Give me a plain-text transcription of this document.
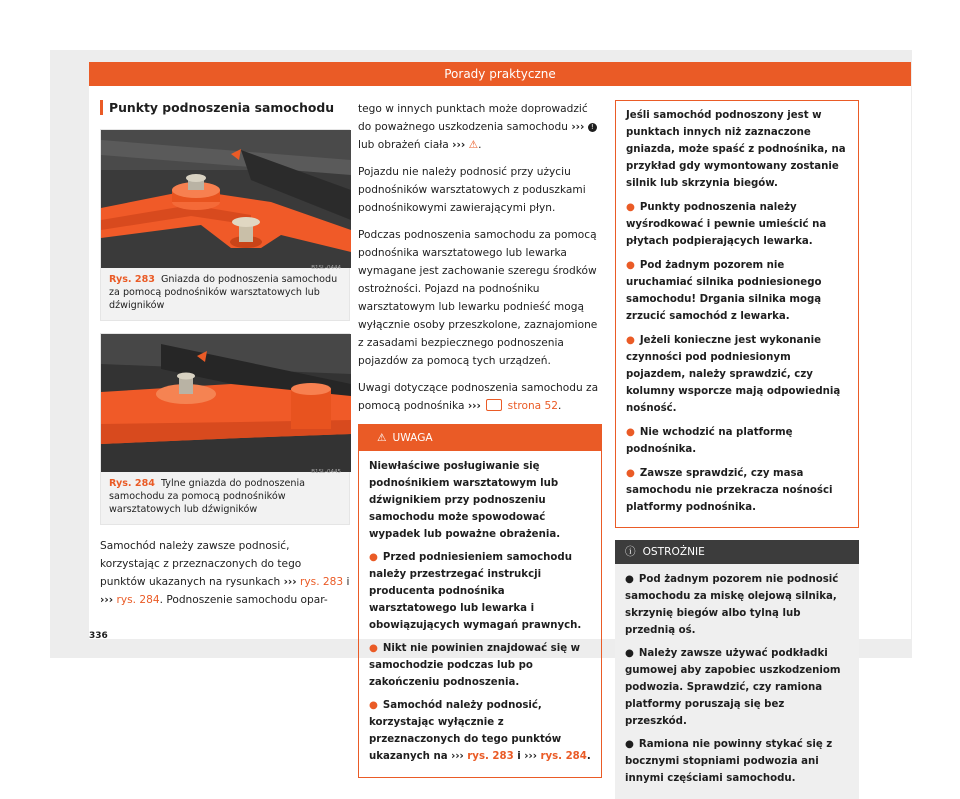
Porady praktyczne
Punkty podnoszenia samochodu
B1SL-0444
Rys. 283 Gniazda do podnoszenia samochodu za pomocą podnośników warsztatowych lub dźwigników
B1SL-0445
Rys. 284 Tylne gniazda do podnoszenia samochodu za pomocą podnośników warsztatowych lub dźwigników

Samochód należy zawsze podnosić, korzystając z przeznaczonych do tego punktów ukazanych na rysunkach ››› rys. 283 i ››› rys. 284. Podnoszenie samochodu opar-

tego w innych punktach może doprowadzić do poważnego uszkodzenia samochodu ››› ! lub obrażeń ciała ››› ⚠.

Pojazdu nie należy podnosić przy użyciu podnośników warsztatowych z poduszkami podnośnikowymi zawierającymi płyn.

Podczas podnoszenia samochodu za pomocą podnośnika warsztatowego lub lewarka wymagane jest zachowanie szeregu środków ostrożności. Pojazd na podnośniku warsztatowym lub lewarku podnieść mogą wyłącznie osoby przeszkolone, zaznajomione z zasadami bezpiecznego podnoszenia pojazdów za pomocą tych urządzeń.

Uwagi dotyczące podnoszenia samochodu za pomocą podnośnika ›››	strona 52.

⚠ UWAGA

Niewłaściwe posługiwanie się podnośnikiem warsztatowym lub dźwignikiem przy podnoszeniu samochodu może spowodować wypadek lub poważne obrażenia.

● Przed podniesieniem samochodu należy przestrzegać instrukcji producenta podnośnika warsztatowego lub lewarka i obowiązujących wymagań prawnych.

● Nikt nie powinien znajdować się w samochodzie podczas lub po zakończeniu podnoszenia.

● Samochód należy podnosić, korzystając wyłącznie z przeznaczonych do tego punktów ukazanych na ››› rys. 283 i ››› rys. 284.

Jeśli samochód podnoszony jest w punktach innych niż zaznaczone gniazda, może spaść z podnośnika, na przykład gdy wymontowany zostanie silnik lub skrzynia biegów.

● Punkty podnoszenia należy wyśrodkować i pewnie umieścić na płytach podpierających lewarka.

● Pod żadnym pozorem nie uruchamiać silnika podniesionego samochodu! Drgania silnika mogą zrzucić samochód z lewarka.

● Jeżeli konieczne jest wykonanie czynności pod podniesionym pojazdem, należy sprawdzić, czy kolumny wsporcze mają odpowiednią nośność.

● Nie wchodzić na platformę podnośnika.

● Zawsze sprawdzić, czy masa samochodu nie przekracza nośności platformy podnośnika.

ⓘ OSTROŻNIE

● Pod żadnym pozorem nie podnosić samochodu za miskę olejową silnika, skrzynię biegów albo tylną lub przednią oś.

● Należy zawsze używać podkładki gumowej aby zapobiec uszkodzeniom podwozia. Sprawdzić, czy ramiona platformy poruszają się bez przeszkód.

● Ramiona nie powinny stykać się z bocznymi stopniami podwozia ani innymi częściami samochodu.

336
